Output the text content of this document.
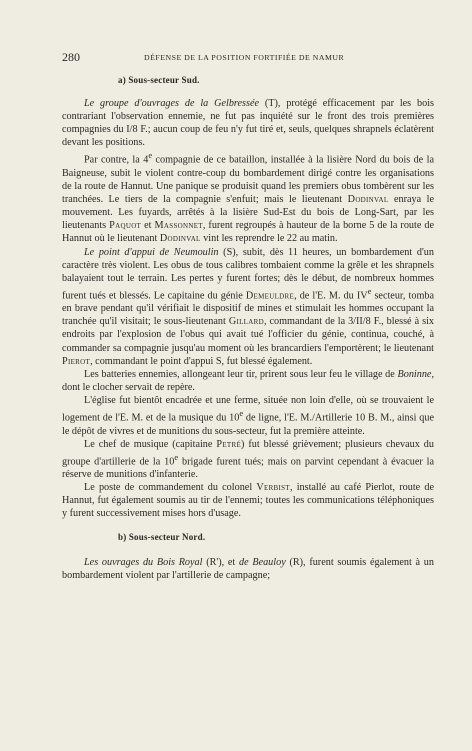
280	DÉFENSE DE LA POSITION FORTIFIÉE DE NAMUR

a) Sous-secteur Sud.

Le groupe d'ouvrages de la Gelbressée (T), protégé efficacement par les bois contrariant l'observation ennemie, ne fut pas inquiété sur le front des trois premières compagnies du I/8 F.; aucun coup de feu n'y fut tiré et, seuls, quelques shrapnels éclatèrent devant les positions.

Par contre, la 4e compagnie de ce bataillon, installée à la lisière Nord du bois de la Baigneuse, subit le violent contre-coup du bombardement dirigé contre les organisations de la route de Hannut. Une panique se produisit quand les premiers obus tombèrent sur les tranchées. Le tiers de la compagnie s'enfuit; mais le lieutenant Dodinval enraya le mouvement. Les fuyards, arrêtés à la lisière Sud-Est du bois de Long-Sart, par les lieutenants Paquot et Massonnet, furent regroupés à hauteur de la borne 5 de la route de Hannut où le lieutenant Dodinval vint les reprendre le 22 au matin.

Le point d'appui de Neumoulin (S), subit, dès 11 heures, un bombardement d'un caractère très violent. Les obus de tous calibres tombaient comme la grêle et les shrapnels balayaient tout le terrain. Les pertes y furent fortes; dès le début, de nombreux hommes furent tués et blessés. Le capitaine du génie Demeuldre, de l'E. M. du IVe secteur, tomba en brave pendant qu'il vérifiait le dispositif de mines et stimulait les hommes occupant la tranchée qu'il visitait; le sous-lieutenant Gillard, commandant de la 3/II/8 F., blessé à six endroits par l'explosion de l'obus qui avait tué l'officier du génie, continua, couché, à commander sa compagnie jusqu'au moment où les brancardiers l'emportèrent; le lieutenant Pierot, commandant le point d'appui S, fut blessé également.

Les batteries ennemies, allongeant leur tir, prirent sous leur feu le village de Boninne, dont le clocher servait de repère.

L'église fut bientôt encadrée et une ferme, située non loin d'elle, où se trouvaient le logement de l'E. M. et de la musique du 10e de ligne, l'E. M./Artillerie 10 B. M., ainsi que le dépôt de vivres et de munitions du sous-secteur, fut la première atteinte.

Le chef de musique (capitaine Petré) fut blessé grièvement; plusieurs chevaux du groupe d'artillerie de la 10e brigade furent tués; mais on parvint cependant à évacuer la réserve de munitions d'infanterie.

Le poste de commandement du colonel Verbist, installé au café Pierlot, route de Hannut, fut également soumis au tir de l'ennemi; toutes les communications téléphoniques y furent successivement mises hors d'usage.

b) Sous-secteur Nord.

Les ouvrages du Bois Royal (R'), et de Beauloy (R), furent soumis également à un bombardement violent par l'artillerie de campagne;
